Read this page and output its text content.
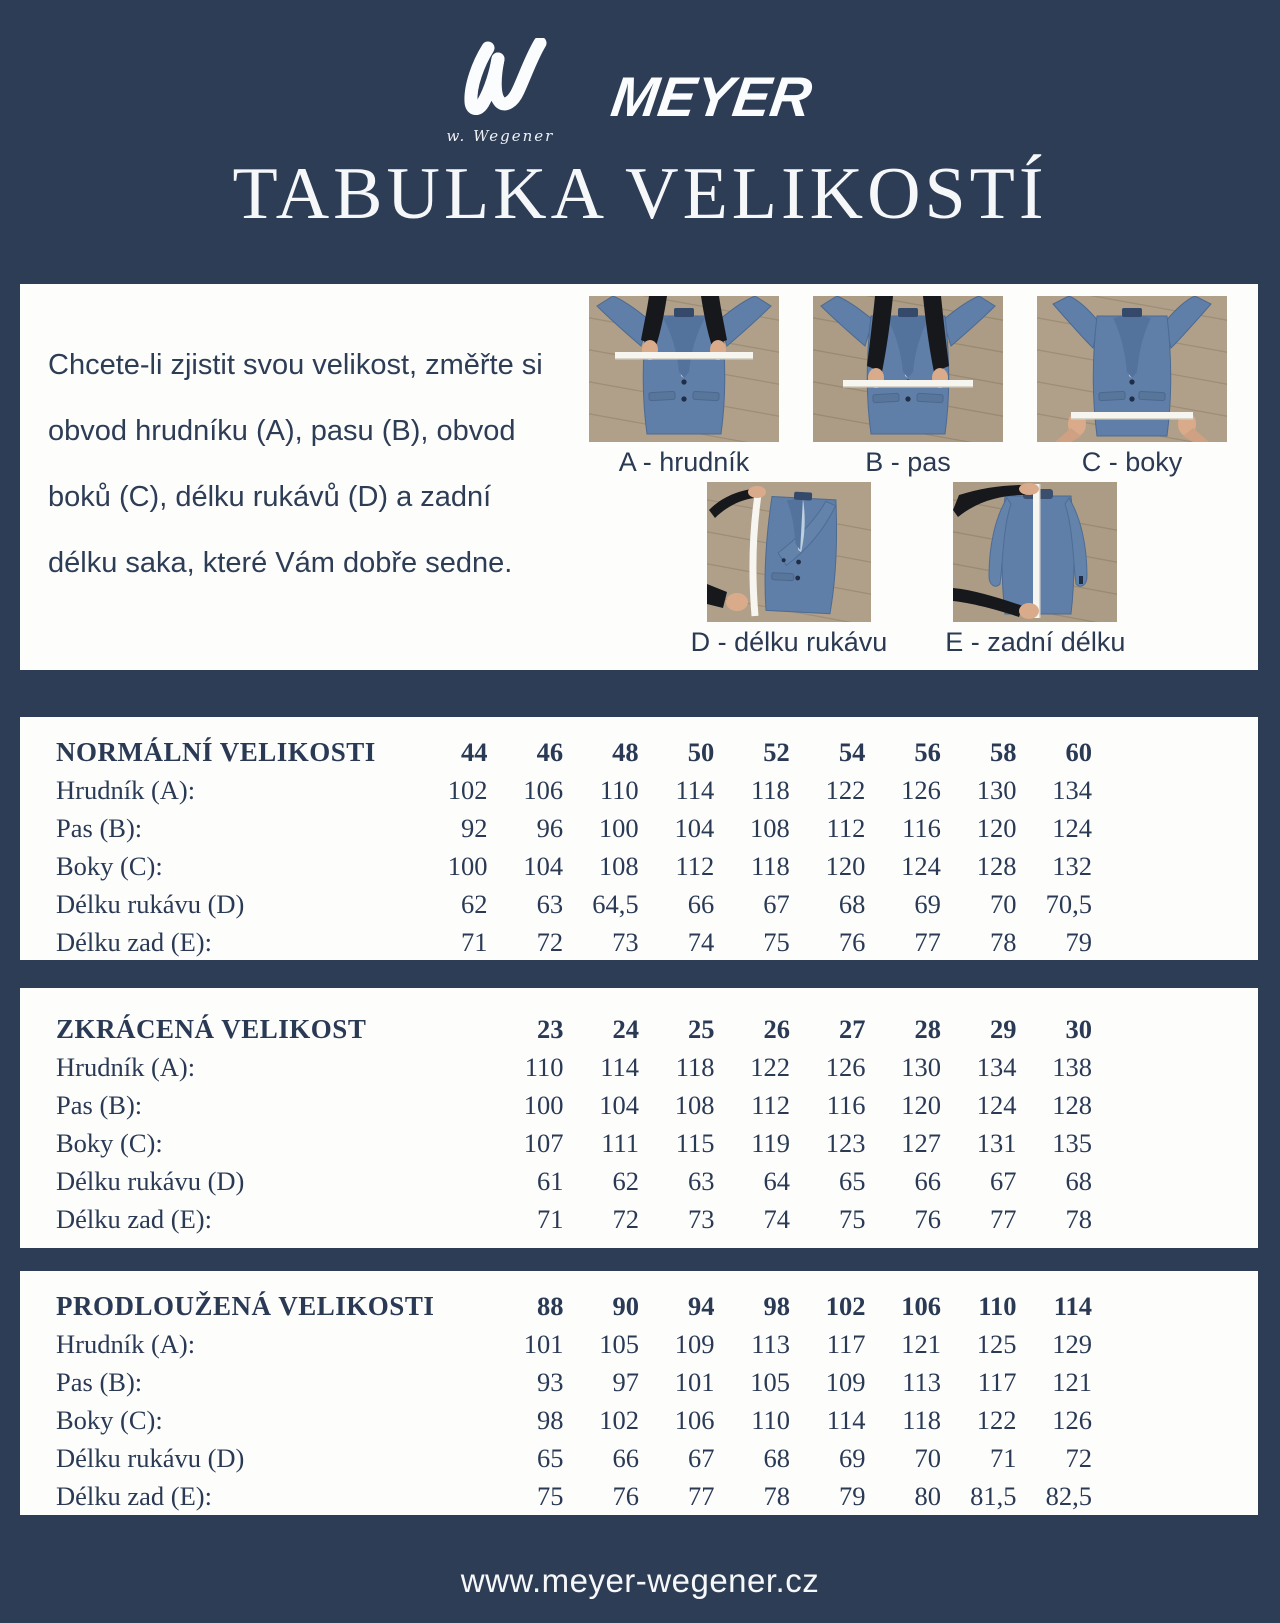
w. Wegener
MEYER
TABULKA VELIKOSTÍ
Chcete-li zjistit svou velikost, změřte si
obvod hrudníku (A), pasu (B), obvod
boků (C), délku rukávů (D) a zadní
délku saka, které Vám dobře sedne.
A - hrudník	B - pas	C - boky
D - délku rukávu E - zadní délku
NORMÁLNÍ VELIKOSTI	44	46	48	50	52	54	56	58	60
Hrudník (A):	102	106	110	114	118	122	126	130	134
Pas (B):	92	96	100	104	108	112	116	120	124
Boky (C):	100	104	108	112	118	120	124	128	132
Délku rukávu (D)	62	63	64,5	66	67	68	69	70	70,5
Délku zad (E):	71	72	73	74	75	76	77	78	79
ZKRÁCENÁ VELIKOST	23	24	25	26	27	28	29	30
Hrudník (A):	110	114	118	122	126	130	134	138
Pas (B):	100	104	108	112	116	120	124	128
Boky (C):	107	111	115	119	123	127	131	135
Délku rukávu (D)	61	62	63	64	65	66	67	68
Délku zad (E):	71	72	73	74	75	76	77	78
PRODLOUŽENÁ VELIKOSTI	88	90	94	98	102	106	110	114
Hrudník (A):	101	105	109	113	117	121	125	129
Pas (B):	93	97	101	105	109	113	117	121
Boky (C):	98	102	106	110	114	118	122	126
Délku rukávu (D)	65	66	67	68	69	70	71	72
Délku zad (E):	75	76	77	78	79	80	81,5	82,5
www.meyer-wegener.cz
